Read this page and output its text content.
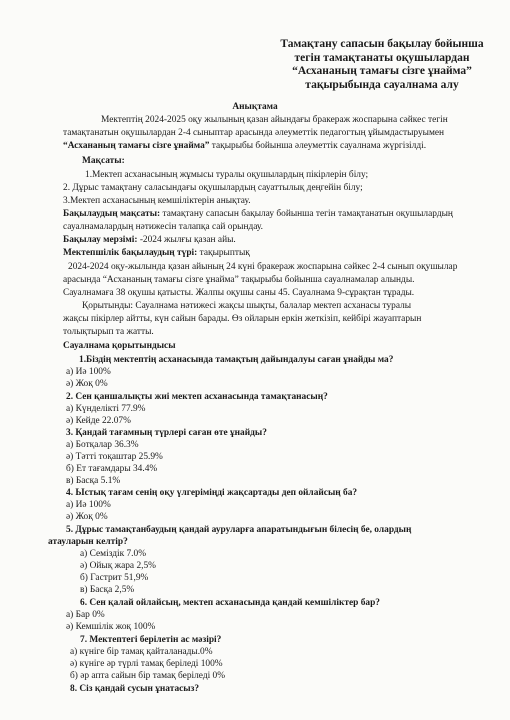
Тамақтану сапасын бақылау бойынша
тегін тамақтанаты оқушылардан
“Асхананың тамағы сізге ұнайма”
тақырыбында сауалнама алу
Анықтама
Мектептің 2024-2025 оқу жылының қазан айындағы бракераж жоспарына сәйкес тегін
тамақтанатын оқушылардан 2-4 сыныптар арасында әлеуметтік педагогтың ұйымдастыруымен
“Асхананың тамағы сізге ұнайма” тақырыбы бойынша әлеуметтік сауалнама жүргізілді.
Мақсаты:
1.Мектеп асханасының жұмысы туралы оқушылардың пікірлерін білу;
2. Дұрыс тамақтану саласындағы оқушылардың сауаттылық деңгейін білу;
3.Мектеп асханасының кемшіліктерін анықтау.
Бақылаудың мақсаты: тамақтану сапасын бақылау бойынша тегін тамақтанатын оқушылардың
сауалнамалардың нәтижесін талапқа сай орындау.
Бақылау мерзімі: -2024 жылғы қазан айы.
Мектепшілік бақылаудың түрі: тақырыптық
2024-2024 оқу-жылында қазан айының 24 күні бракераж жоспарына сәйкес 2-4 сынып оқушылар
арасында “Асхананың тамағы сізге ұнайма” тақырыбы бойынша сауалнамалар алынды.
Сауалнамаға 38 оқушы қатысты. Жалпы оқушы саны 45. Сауалнама 9-сұрақтан тұрады.
Қорытынды: Сауалнама нәтижесі жақсы шықты, балалар мектеп асханасы туралы
жақсы пікірлер айтты, күн сайын барады. Өз ойларын еркін жеткізіп, кейбірі жауаптарын
толықтырып та жатты.
Сауалнама қорытындысы
1.Біздің мектептің асханасында тамақтың дайындалуы саған ұнайды ма?
а) Иә 100%
ә) Жоқ 0%
2. Сен қаншалықты жиі мектеп асханасында тамақтанасың?
а) Күнделікті 77.9%
ә) Кейде 22.07%
3. Қандай тағамның түрлері саған өте ұнайды?
а) Ботқалар 36.3%
ә) Тәтті тоқаштар 25.9%
б) Ет тағамдары 34.4%
в) Басқа 5.1%
4. Ыстық тағам сенің оқу үлгеріміңді жақсартады деп ойлайсың ба?
а) Иә 100%
ә) Жоқ 0%
5. Дұрыс тамақтанбаудың қандай ауруларға апаратындығын білесің бе, олардың
атауларын келтір?
а) Семіздік 7.0%
ә) Ойық жара 2,5%
б) Гастрит 51,9%
в) Басқа 2,5%
6. Сен қалай ойлайсың, мектеп асханасында қандай кемшіліктер бар?
а) Бар 0%
ә) Кемшілік жоқ 100%
7. Мектептегі берілетін ас мәзірі?
а) күніге бір тамақ қайталанады.0%
ә) күніге әр түрлі тамақ беріледі 100%
б) әр апта сайын бір тамақ беріледі 0%
8. Сіз қандай сусын ұнатасыз?
